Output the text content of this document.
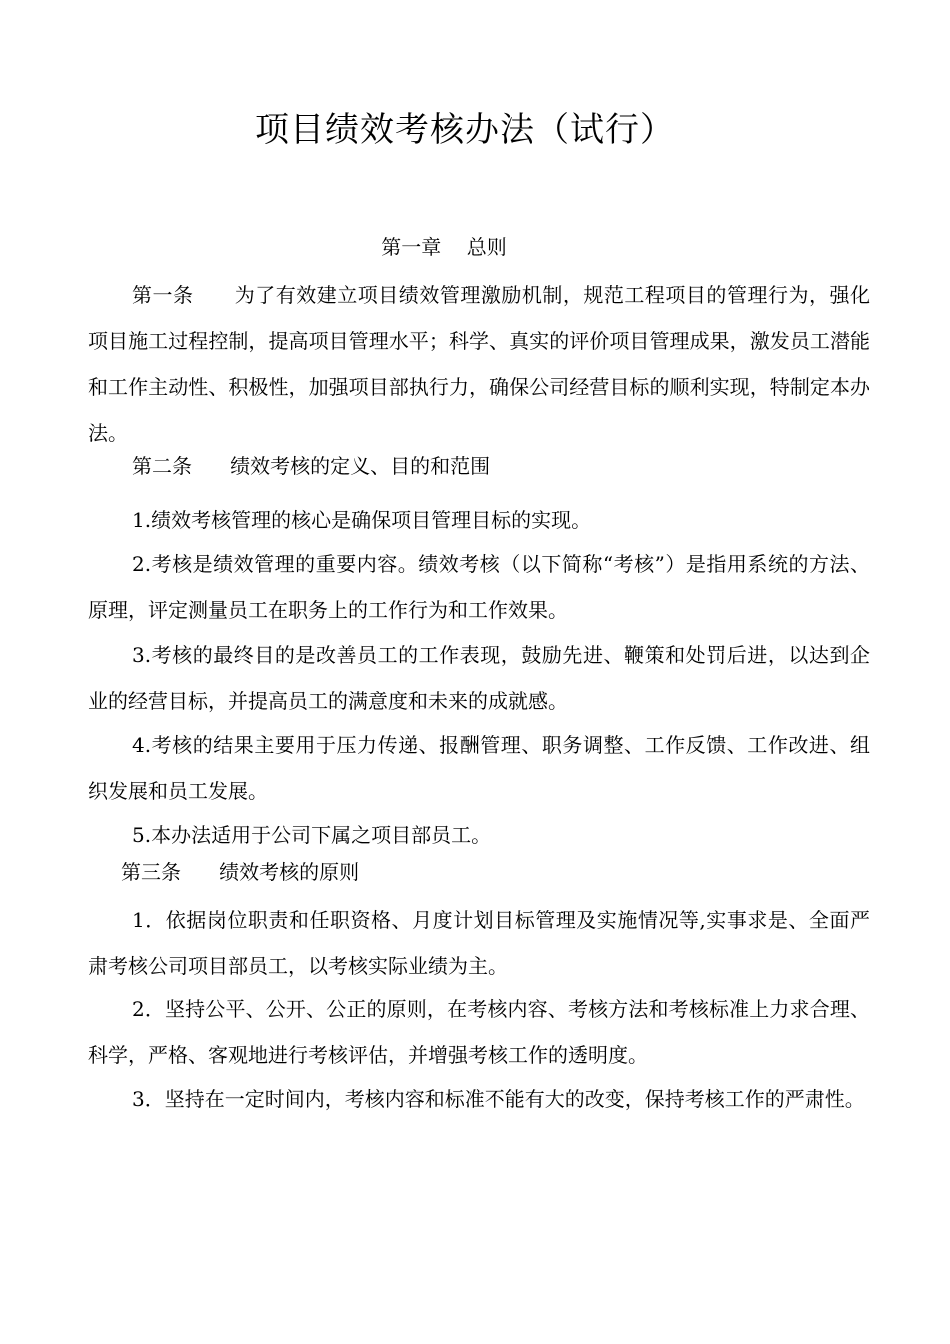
项目绩效考核办法（试行）
第一章    总则

第一条      为了有效建立项目绩效管理激励机制，规范工程项目的管理行为，强化项目施工过程控制，提高项目管理水平；科学、真实的评价项目管理成果，激发员工潜能和工作主动性、积极性，加强项目部执行力，确保公司经营目标的顺利实现，特制定本办法。

第二条      绩效考核的定义、目的和范围

1.绩效考核管理的核心是确保项目管理目标的实现。

2.考核是绩效管理的重要内容。绩效考核（以下简称“考核”）是指用系统的方法、原理，评定测量员工在职务上的工作行为和工作效果。

3.考核的最终目的是改善员工的工作表现，鼓励先进、鞭策和处罚后进，以达到企业的经营目标，并提高员工的满意度和未来的成就感。

4.考核的结果主要用于压力传递、报酬管理、职务调整、工作反馈、工作改进、组织发展和员工发展。

5.本办法适用于公司下属之项目部员工。

第三条      绩效考核的原则

1．依据岗位职责和任职资格、月度计划目标管理及实施情况等,实事求是、全面严肃考核公司项目部员工，以考核实际业绩为主。

2．坚持公平、公开、公正的原则，在考核内容、考核方法和考核标准上力求合理、科学，严格、客观地进行考核评估，并增强考核工作的透明度。

3．坚持在一定时间内，考核内容和标准不能有大的改变，保持考核工作的严肃性。
